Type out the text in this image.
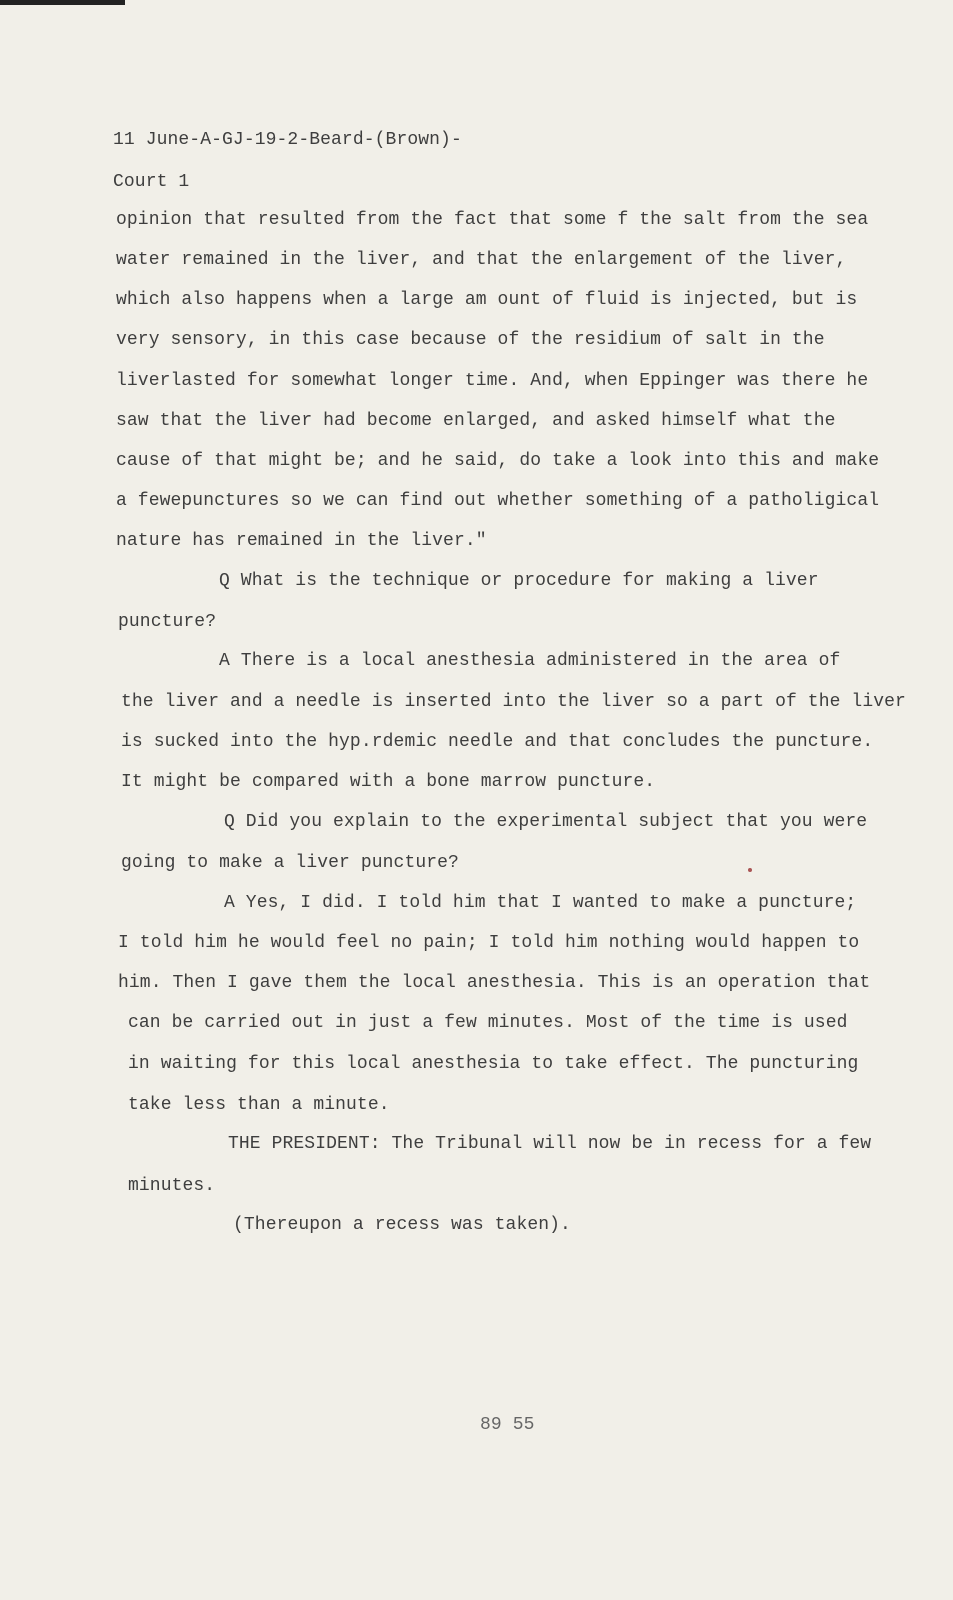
11 June-A-GJ-19-2-Beard-(Brown)-
Court 1
opinion that resulted from the fact that some f the salt from the sea
water remained in the liver, and that the enlargement of the liver,
which also happens when a large am ount of fluid is injected, but is
very sensory, in this case because of the residium of salt in the
liverlasted for somewhat longer time. And, when Eppinger was there he
saw that the liver had become enlarged, and asked himself what the
cause of that might be; and he said, do take a look into this and make
a fewepunctures so we can find out whether something of a patholigical
nature has remained in the liver."
Q What is the technique or procedure for making a liver
puncture?
A There is a local anesthesia administered in the area of
the liver and a needle is inserted into the liver so a part of the liver
is sucked into the hyp.rdemic needle and that concludes the puncture.
It might be compared with a bone marrow puncture.
Q Did you explain to the experimental subject that you were
going to make a liver puncture?
A Yes, I did. I told him that I wanted to make a puncture;
I told him he would feel no pain; I told him nothing would happen to
him. Then I gave them the local anesthesia. This is an operation that
can be carried out in just a few minutes. Most of the time is used
in waiting for this local anesthesia to take effect. The puncturing
take less than a minute.
THE PRESIDENT: The Tribunal will now be in recess for a few
minutes.
(Thereupon a recess was taken).
89 55
